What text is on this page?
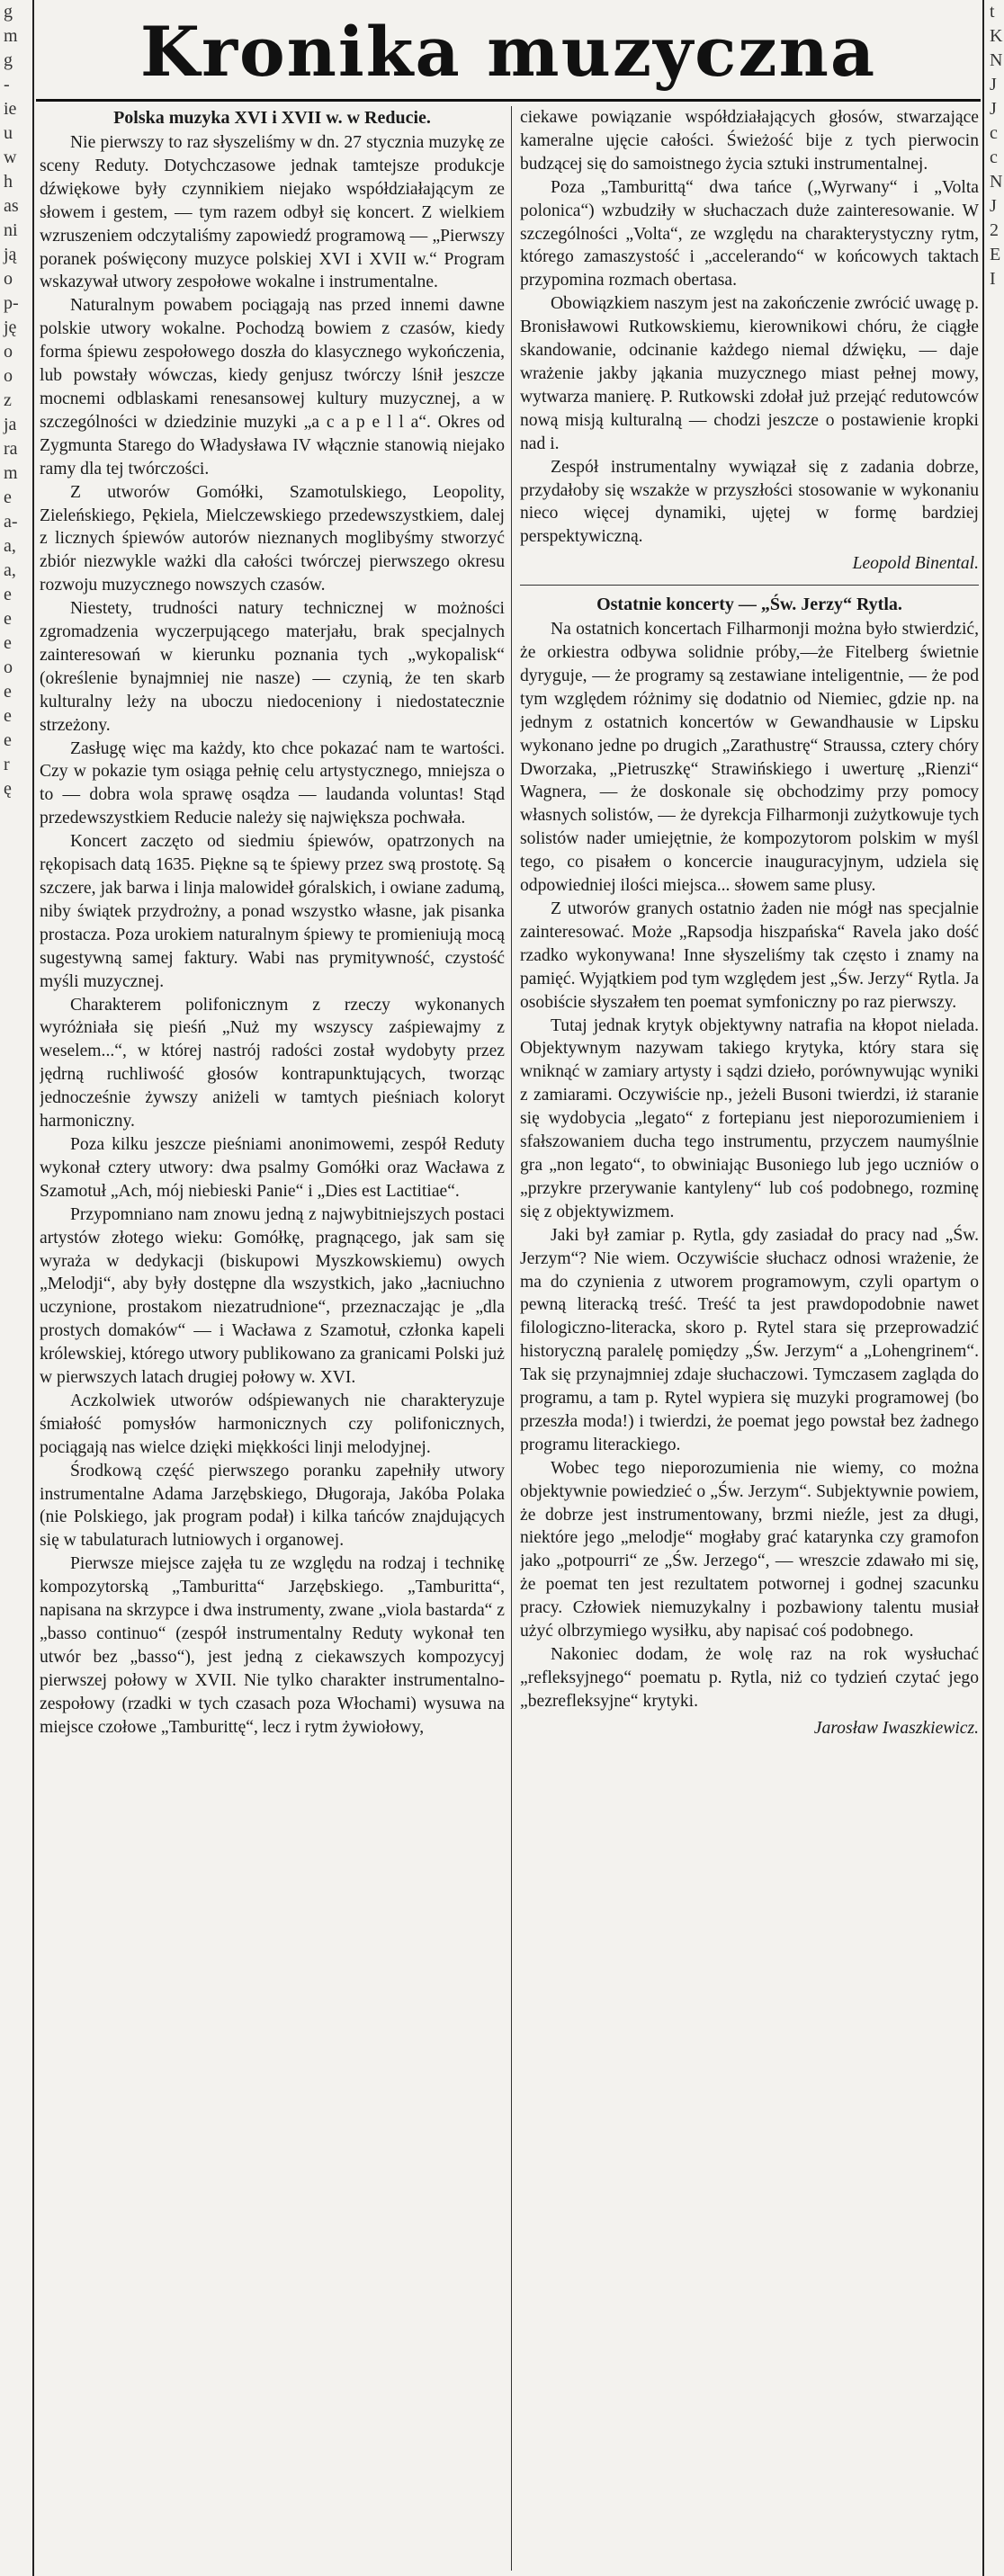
g
m
g
-
ie
u
w
h
as
ni
ją
o
p-
ję
o
o
z
ja
ra
m
e
a-
a,
a,
e
e
e
o
e
e
e
r
ę
t
K
N
J
J
c
c
N
J
2
E
I
Kronika muzyczna
Polska muzyka XVI i XVII w. w Reducie.

Nie pierwszy to raz słyszeliśmy w dn. 27 stycznia muzykę ze sceny Reduty. Dotychczasowe jednak tamtejsze produkcje dźwiękowe były czynnikiem niejako współdziałającym ze słowem i gestem, — tym razem odbył się koncert. Z wielkiem wzruszeniem odczytaliśmy zapowiedź programową — „Pierwszy poranek poświęcony muzyce polskiej XVI i XVII w.“ Program wskazywał utwory zespołowe wokalne i instrumentalne.

Naturalnym powabem pociągają nas przed innemi dawne polskie utwory wokalne. Pochodzą bowiem z czasów, kiedy forma śpiewu zespołowego doszła do klasycznego wykończenia, lub powstały wówczas, kiedy genjusz twórczy lśnił jeszcze mocnemi odblaskami renesansowej kultury muzycznej, a w szczególności w dziedzinie muzyki „a c a p e l l a“. Okres od Zygmunta Starego do Władysława IV włącznie stanowią niejako ramy dla tej twórczości.

Z utworów Gomółki, Szamotulskiego, Leopolity, Zieleńskiego, Pękiela, Mielczewskiego przedewszystkiem, dalej z licznych śpiewów autorów nieznanych moglibyśmy stworzyć zbiór niezwykle ważki dla całości twórczej pierwszego okresu rozwoju muzycznego nowszych czasów.

Niestety, trudności natury technicznej w możności zgromadzenia wyczerpującego materjału, brak specjalnych zainteresowań w kierunku poznania tych „wykopalisk“ (określenie bynajmniej nie nasze) — czynią, że ten skarb kulturalny leży na uboczu niedoceniony i niedostatecznie strzeżony.

Zasługę więc ma każdy, kto chce pokazać nam te wartości. Czy w pokazie tym osiąga pełnię celu artystycznego, mniejsza o to — dobra wola sprawę osądza — laudanda voluntas! Stąd przedewszystkiem Reducie należy się największa pochwała.

Koncert zaczęto od siedmiu śpiewów, opatrzonych na rękopisach datą 1635. Piękne są te śpiewy przez swą prostotę. Są szczere, jak barwa i linja malowideł góralskich, i owiane zadumą, niby świątek przydrożny, a ponad wszystko własne, jak pisanka prostacza. Poza urokiem naturalnym śpiewy te promieniują mocą sugestywną samej faktury. Wabi nas prymitywność, czystość myśli muzycznej.

Charakterem polifonicznym z rzeczy wykonanych wyróżniała się pieśń „Nuż my wszyscy zaśpiewajmy z weselem...“, w której nastrój radości został wydobyty przez jędrną ruchliwość głosów kontrapunktujących, tworząc jednocześnie żywszy aniżeli w tamtych pieśniach koloryt harmoniczny.

Poza kilku jeszcze pieśniami anonimowemi, zespół Reduty wykonał cztery utwory: dwa psalmy Gomółki oraz Wacława z Szamotuł „Ach, mój niebieski Panie“ i „Dies est Lactitiae“.

Przypomniano nam znowu jedną z najwybitniejszych postaci artystów złotego wieku: Gomółkę, pragnącego, jak sam się wyraża w dedykacji (biskupowi Myszkowskiemu) owych „Melodji“, aby były dostępne dla wszystkich, jako „łacniuchno uczynione, prostakom niezatrudnione“, przeznaczając je „dla prostych domaków“ — i Wacława z Szamotuł, członka kapeli królewskiej, którego utwory publikowano za granicami Polski już w pierwszych latach drugiej połowy w. XVI.

Aczkolwiek utworów odśpiewanych nie charakteryzuje śmiałość pomysłów harmonicznych czy polifonicznych, pociągają nas wielce dzięki miękkości linji melodyjnej.

Środkową część pierwszego poranku zapełniły utwory instrumentalne Adama Jarzębskiego, Długoraja, Jakóba Polaka (nie Polskiego, jak program podał) i kilka tańców znajdujących się w tabulaturach lutniowych i organowej.

Pierwsze miejsce zajęła tu ze względu na rodzaj i technikę kompozytorską „Tamburitta“ Jarzębskiego. „Tamburitta“, napisana na skrzypce i dwa instrumenty, zwane „viola bastarda“ z „basso continuo“ (zespół instrumentalny Reduty wykonał ten utwór bez „basso“), jest jedną z ciekawszych kompozycyj pierwszej połowy w XVII. Nie tylko charakter instrumentalno-zespołowy (rzadki w tych czasach poza Włochami) wysuwa na miejsce czołowe „Tamburittę“, lecz i rytm żywiołowy,

ciekawe powiązanie współdziałających głosów, stwarzające kameralne ujęcie całości. Świeżość bije z tych pierwocin budzącej się do samoistnego życia sztuki instrumentalnej.

Poza „Tamburittą“ dwa tańce („Wyrwany“ i „Volta polonica“) wzbudziły w słuchaczach duże zainteresowanie. W szczególności „Volta“, ze względu na charakterystyczny rytm, którego zamaszystość i „accelerando“ w końcowych taktach przypomina rozmach obertasa.

Obowiązkiem naszym jest na zakończenie zwrócić uwagę p. Bronisławowi Rutkowskiemu, kierownikowi chóru, że ciągłe skandowanie, odcinanie każdego niemal dźwięku, — daje wrażenie jakby jąkania muzycznego miast pełnej mowy, wytwarza manierę. P. Rutkowski zdołał już przejąć redutowców nową misją kulturalną — chodzi jeszcze o postawienie kropki nad i.

Zespół instrumentalny wywiązał się z zadania dobrze, przydałoby się wszakże w przyszłości stosowanie w wykonaniu nieco więcej dynamiki, ujętej w formę bardziej perspektywiczną.

Leopold Binental.
Ostatnie koncerty — „Św. Jerzy“ Rytla.

Na ostatnich koncertach Filharmonji można było stwierdzić, że orkiestra odbywa solidnie próby,—że Fitelberg świetnie dyryguje, — że programy są zestawiane inteligentnie, — że pod tym względem różnimy się dodatnio od Niemiec, gdzie np. na jednym z ostatnich koncertów w Gewandhausie w Lipsku wykonano jedne po drugich „Zarathustrę“ Straussa, cztery chóry Dworzaka, „Pietruszkę“ Strawińskiego i uwerturę „Rienzi“ Wagnera, — że doskonale się obchodzimy przy pomocy własnych solistów, — że dyrekcja Filharmonji zużytkowuje tych solistów nader umiejętnie, że kompozytorom polskim w myśl tego, co pisałem o koncercie inauguracyjnym, udziela się odpowiedniej ilości miejsca... słowem same plusy.

Z utworów granych ostatnio żaden nie mógł nas specjalnie zainteresować. Może „Rapsodja hiszpańska“ Ravela jako dość rzadko wykonywana! Inne słyszeliśmy tak często i znamy na pamięć. Wyjątkiem pod tym względem jest „Św. Jerzy“ Rytla. Ja osobiście słyszałem ten poemat symfoniczny po raz pierwszy.

Tutaj jednak krytyk objektywny natrafia na kłopot nielada. Objektywnym nazywam takiego krytyka, który stara się wniknąć w zamiary artysty i sądzi dzieło, porównywując wyniki z zamiarami. Oczywiście np., jeżeli Busoni twierdzi, iż staranie się wydobycia „legato“ z fortepianu jest nieporozumieniem i sfałszowaniem ducha tego instrumentu, przyczem naumyślnie gra „non legato“, to obwiniając Busoniego lub jego uczniów o „przykre przerywanie kantyleny“ lub coś podobnego, rozminę się z objektywizmem.

Jaki był zamiar p. Rytla, gdy zasiadał do pracy nad „Św. Jerzym“? Nie wiem. Oczywiście słuchacz odnosi wrażenie, że ma do czynienia z utworem programowym, czyli opartym o pewną literacką treść. Treść ta jest prawdopodobnie nawet filologiczno-literacka, skoro p. Rytel stara się przeprowadzić historyczną paralelę pomiędzy „Św. Jerzym“ a „Lohengrinem“. Tak się przynajmniej zdaje słuchaczowi. Tymczasem zagląda do programu, a tam p. Rytel wypiera się muzyki programowej (bo przeszła moda!) i twierdzi, że poemat jego powstał bez żadnego programu literackiego.

Wobec tego nieporozumienia nie wiemy, co można objektywnie powiedzieć o „Św. Jerzym“. Subjektywnie powiem, że dobrze jest instrumentowany, brzmi nieźle, jest za długi, niektóre jego „melodje“ mogłaby grać katarynka czy gramofon jako „potpourri“ ze „Św. Jerzego“, — wreszcie zdawało mi się, że poemat ten jest rezultatem potwornej i godnej szacunku pracy. Człowiek niemuzykalny i pozbawiony talentu musiał użyć olbrzymiego wysiłku, aby napisać coś podobnego.

Nakoniec dodam, że wolę raz na rok wysłuchać „refleksyjnego“ poematu p. Rytla, niż co tydzień czytać jego „bezrefleksyjne“ krytyki.

Jarosław Iwaszkiewicz.
